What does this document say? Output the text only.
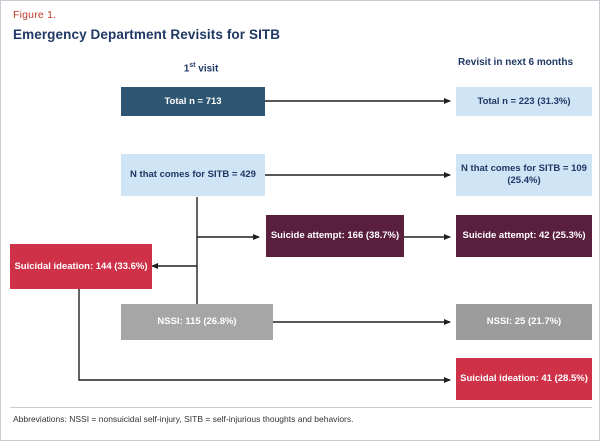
Figure 1.
Emergency Department Revisits for SITB
1st visit
Revisit in next 6 months
Total n = 713	Total n = 223 (31.3%)
N that comes for SITB = 429
N that comes for SITB = 109 (25.4%)
Suicide attempt: 166 (38.7%)	Suicide attempt: 42 (25.3%)
Suicidal ideation: 144 (33.6%)
NSSI: 115 (26.8%)	NSSI: 25 (21.7%)
Suicidal ideation: 41 (28.5%)
Abbreviations: NSSI = nonsuicidal self-injury, SITB = self-injurious thoughts and behaviors.
